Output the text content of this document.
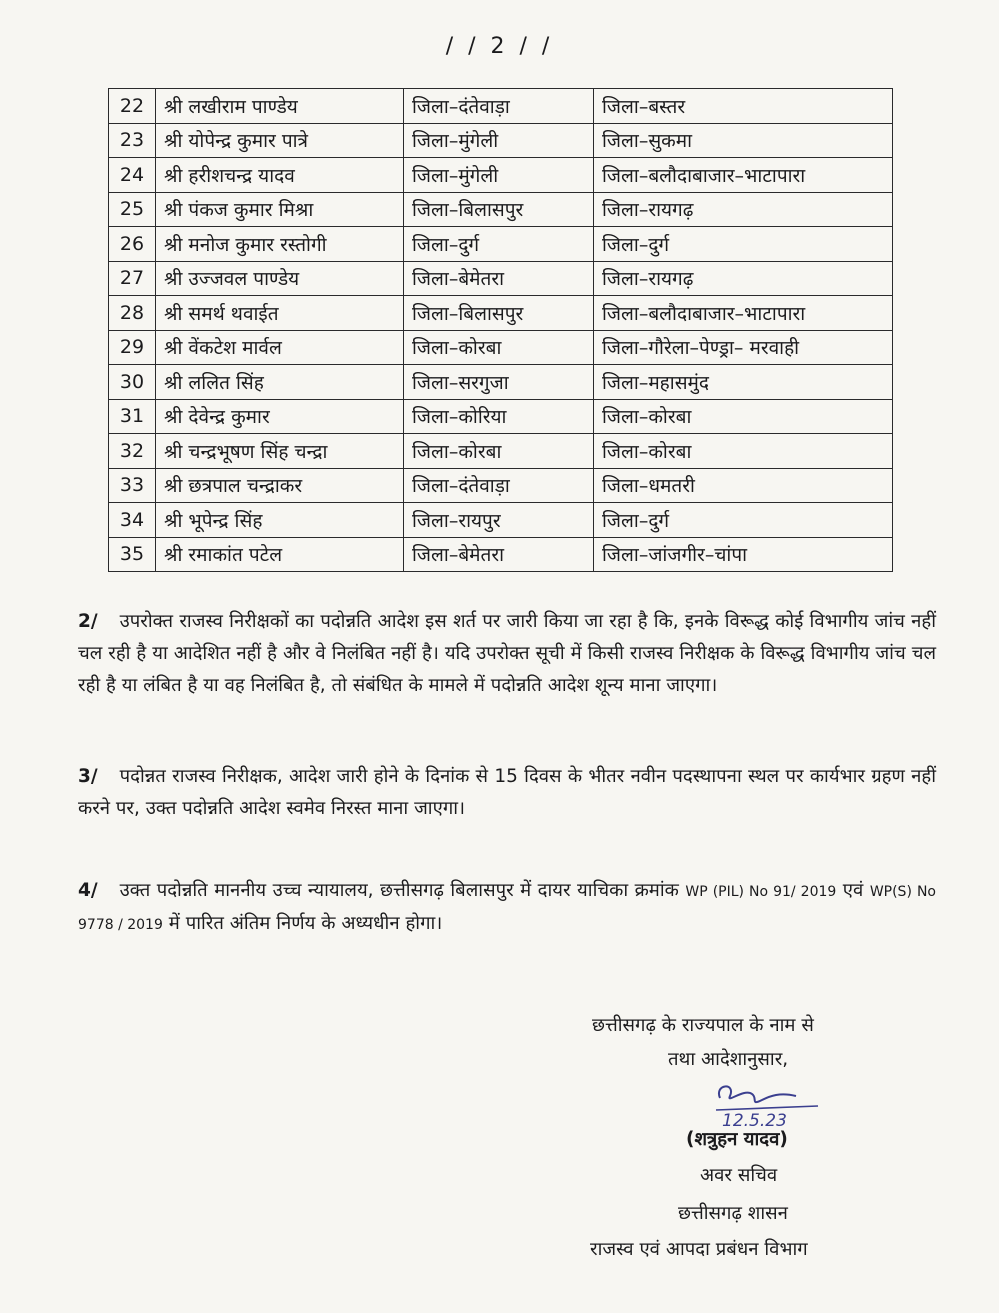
/ / 2 / /
22	श्री लखीराम पाण्डेय	जिला–दंतेवाड़ा	जिला–बस्तर
23	श्री योपेन्द्र कुमार पात्रे	जिला–मुंगेली	जिला–सुकमा
24	श्री हरीशचन्द्र यादव	जिला–मुंगेली	जिला–बलौदाबाजार–भाटापारा
25	श्री पंकज कुमार मिश्रा	जिला–बिलासपुर	जिला–रायगढ़
26	श्री मनोज कुमार रस्तोगी	जिला–दुर्ग	जिला–दुर्ग
27	श्री उज्जवल पाण्डेय	जिला–बेमेतरा	जिला–रायगढ़
28	श्री समर्थ थवाईत	जिला–बिलासपुर	जिला–बलौदाबाजार–भाटापारा
29	श्री वेंकटेश मार्वल	जिला–कोरबा	जिला–गौरेला–पेण्ड्रा– मरवाही
30	श्री ललित सिंह	जिला–सरगुजा	जिला–महासमुंद
31	श्री देवेन्द्र कुमार	जिला–कोरिया	जिला–कोरबा
32	श्री चन्द्रभूषण सिंह चन्द्रा	जिला–कोरबा	जिला–कोरबा
33	श्री छत्रपाल चन्द्राकर	जिला–दंतेवाड़ा	जिला–धमतरी
34	श्री भूपेन्द्र सिंह	जिला–रायपुर	जिला–दुर्ग
35	श्री रमाकांत पटेल	जिला–बेमेतरा	जिला–जांजगीर–चांपा
2/ उपरोक्त राजस्व निरीक्षकों का पदोन्नति आदेश इस शर्त पर जारी किया जा रहा है कि, इनके विरूद्ध कोई विभागीय जांच नहीं चल रही है या आदेशित नहीं है और वे निलंबित नहीं है। यदि उपरोक्त सूची में किसी राजस्व निरीक्षक के विरूद्ध विभागीय जांच चल रही है या लंबित है या वह निलंबित है, तो संबंधित के मामले में पदोन्नति आदेश शून्य माना जाएगा।
3/ पदोन्नत राजस्व निरीक्षक, आदेश जारी होने के दिनांक से 15 दिवस के भीतर नवीन पदस्थापना स्थल पर कार्यभार ग्रहण नहीं करने पर, उक्त पदोन्नति आदेश स्वमेव निरस्त माना जाएगा।
4/ उक्त पदोन्नति माननीय उच्च न्यायालय, छत्तीसगढ़ बिलासपुर में दायर याचिका क्रमांक WP (PIL) No 91/ 2019 एवं WP(S) No 9778 / 2019 में पारित अंतिम निर्णय के अध्यधीन होगा।
छत्तीसगढ़ के राज्यपाल के नाम से
तथा आदेशानुसार,
12.5.23
(शत्रुहन यादव)
अवर सचिव
छत्तीसगढ़ शासन
राजस्व एवं आपदा प्रबंधन विभाग
